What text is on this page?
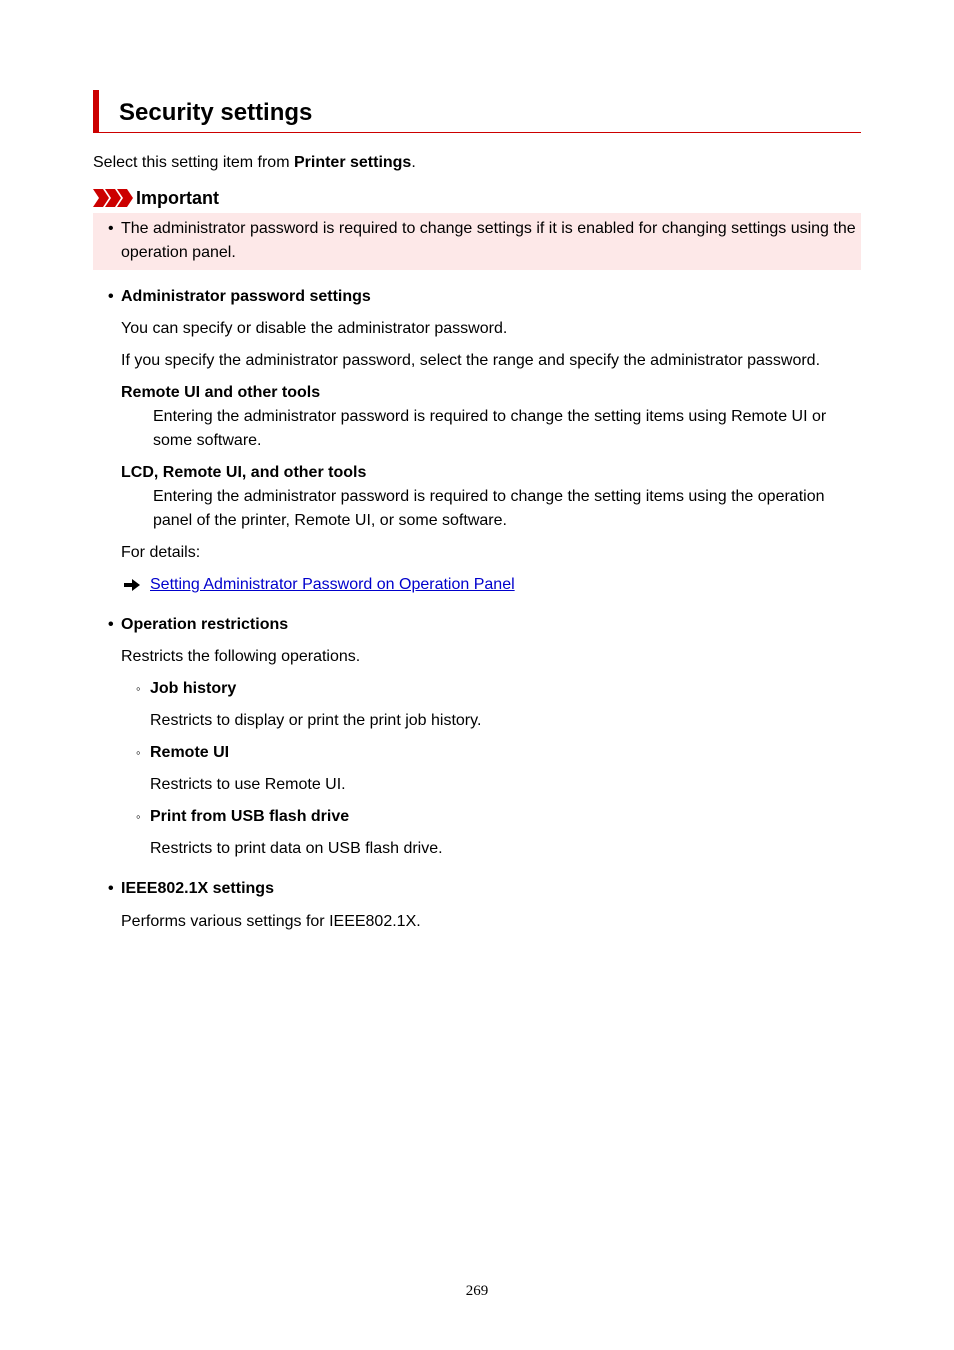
Security settings
Select this setting item from Printer settings.
Important
• The administrator password is required to change settings if it is enabled for changing settings using the operation panel.
• Administrator password settings
You can specify or disable the administrator password.
If you specify the administrator password, select the range and specify the administrator password.
Remote UI and other tools
Entering the administrator password is required to change the setting items using Remote UI or
some software.
LCD, Remote UI, and other tools
Entering the administrator password is required to change the setting items using the operation
panel of the printer, Remote UI, or some software.
For details:
Setting Administrator Password on Operation Panel
• Operation restrictions
Restricts the following operations.
◦ Job history
Restricts to display or print the print job history.
◦ Remote UI
Restricts to use Remote UI.
◦ Print from USB flash drive
Restricts to print data on USB flash drive.
• IEEE802.1X settings
Performs various settings for IEEE802.1X.
269
